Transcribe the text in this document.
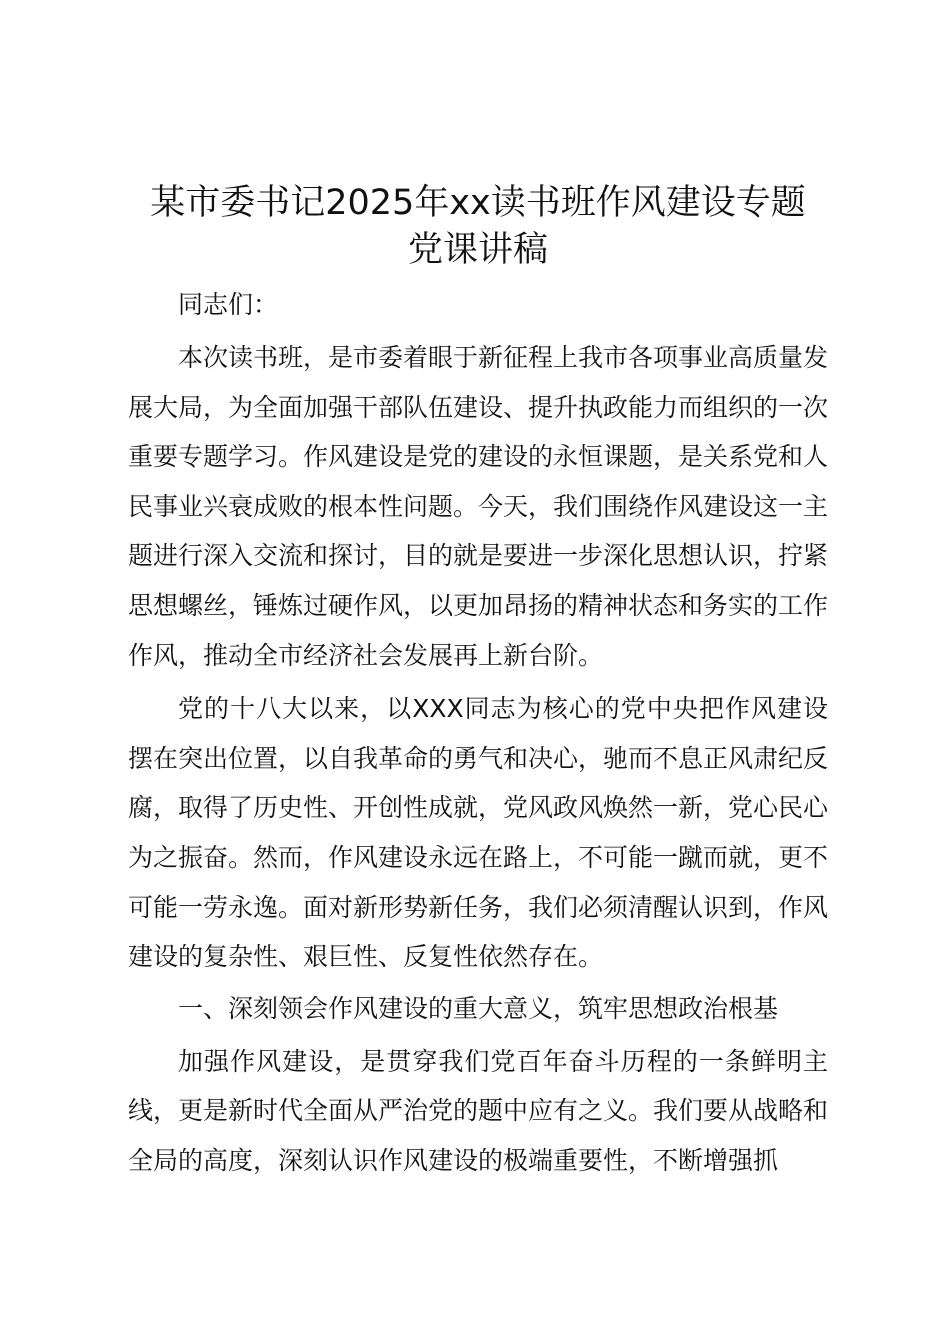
某市委书记2025年xx读书班作风建设专题
党课讲稿

同志们：

本次读书班，是市委着眼于新征程上我市各项事业高质量发展大局，为全面加强干部队伍建设、提升执政能力而组织的一次重要专题学习。作风建设是党的建设的永恒课题，是关系党和人民事业兴衰成败的根本性问题。今天，我们围绕作风建设这一主题进行深入交流和探讨，目的就是要进一步深化思想认识，拧紧思想螺丝，锤炼过硬作风，以更加昂扬的精神状态和务实的工作作风，推动全市经济社会发展再上新台阶。

党的十八大以来，以XXX同志为核心的党中央把作风建设摆在突出位置，以自我革命的勇气和决心，驰而不息正风肃纪反腐，取得了历史性、开创性成就，党风政风焕然一新，党心民心为之振奋。然而，作风建设永远在路上，不可能一蹴而就，更不可能一劳永逸。面对新形势新任务，我们必须清醒认识到，作风建设的复杂性、艰巨性、反复性依然存在。

一、深刻领会作风建设的重大意义，筑牢思想政治根基

加强作风建设，是贯穿我们党百年奋斗历程的一条鲜明主线，更是新时代全面从严治党的题中应有之义。我们要从战略和全局的高度，深刻认识作风建设的极端重要性，不断增强抓
